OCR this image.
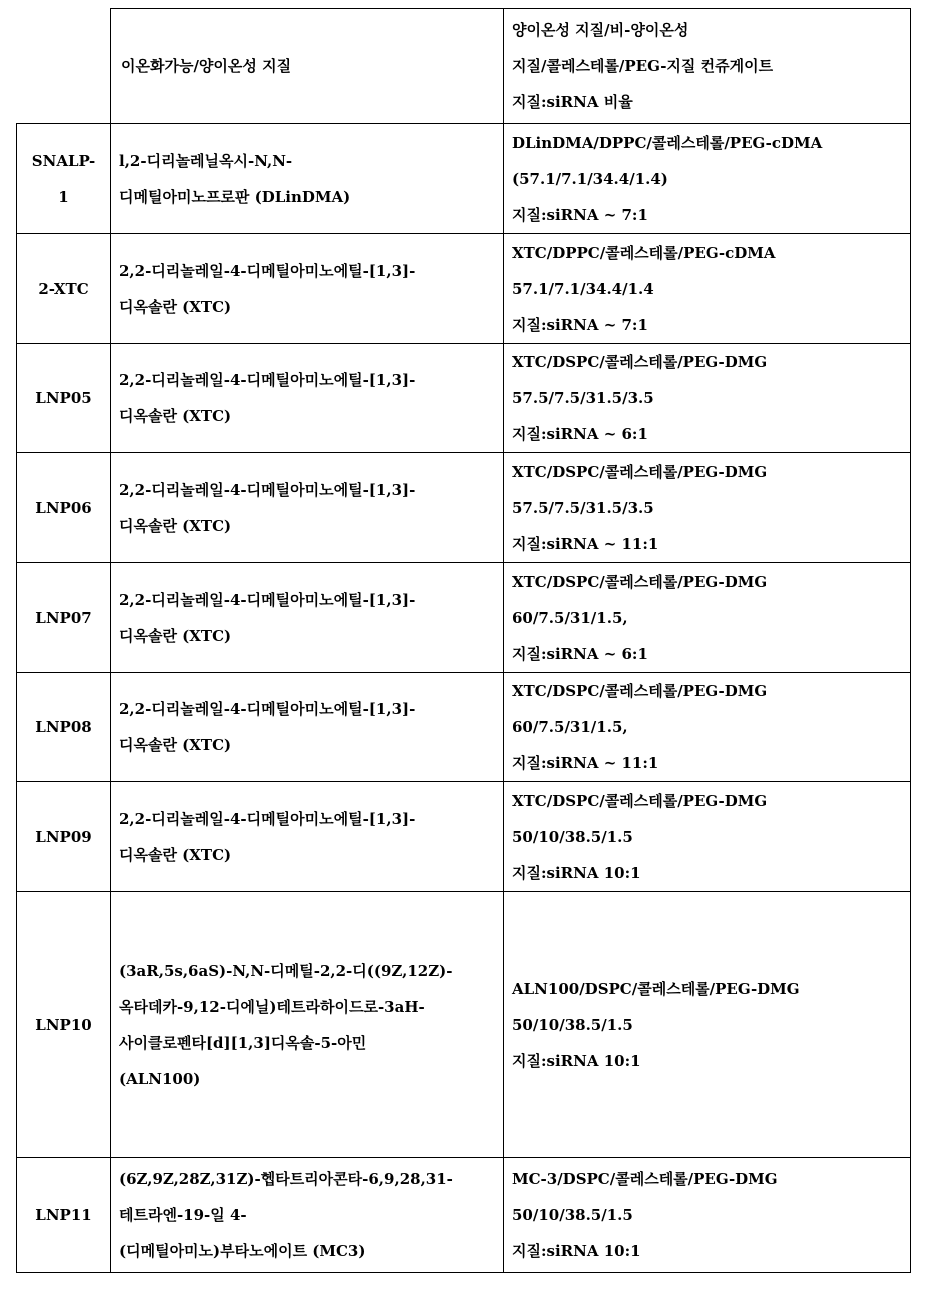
이온화가능/양이온성 지질
양이온성 지질/비-양이온성
지질/콜레스테롤/PEG-지질 컨쥬게이트
지질:siRNA 비율
SNALP-
1
l,2-디리놀레닐옥시-N,N-
디메틸아미노프로판 (DLinDMA)
DLinDMA/DPPC/콜레스테롤/PEG-cDMA
(57.1/7.1/34.4/1.4)
지질:siRNA ~ 7:1
2-XTC
2,2-디리놀레일-4-디메틸아미노에틸-[1,3]-
디옥솔란 (XTC)
XTC/DPPC/콜레스테롤/PEG-cDMA
57.1/7.1/34.4/1.4
지질:siRNA ~ 7:1
LNP05
2,2-디리놀레일-4-디메틸아미노에틸-[1,3]-
디옥솔란 (XTC)
XTC/DSPC/콜레스테롤/PEG-DMG
57.5/7.5/31.5/3.5
지질:siRNA ~ 6:1
LNP06
2,2-디리놀레일-4-디메틸아미노에틸-[1,3]-
디옥솔란 (XTC)
XTC/DSPC/콜레스테롤/PEG-DMG
57.5/7.5/31.5/3.5
지질:siRNA ~ 11:1
LNP07
2,2-디리놀레일-4-디메틸아미노에틸-[1,3]-
디옥솔란 (XTC)
XTC/DSPC/콜레스테롤/PEG-DMG
60/7.5/31/1.5,
지질:siRNA ~ 6:1
LNP08
2,2-디리놀레일-4-디메틸아미노에틸-[1,3]-
디옥솔란 (XTC)
XTC/DSPC/콜레스테롤/PEG-DMG
60/7.5/31/1.5,
지질:siRNA ~ 11:1
LNP09
2,2-디리놀레일-4-디메틸아미노에틸-[1,3]-
디옥솔란 (XTC)
XTC/DSPC/콜레스테롤/PEG-DMG
50/10/38.5/1.5
지질:siRNA 10:1
LNP10
(3aR,5s,6aS)-N,N-디메틸-2,2-디((9Z,12Z)-
옥타데카-9,12-디에닐)테트라하이드로-3aH-
사이클로펜타[d][1,3]디옥솔-5-아민
(ALN100)
ALN100/DSPC/콜레스테롤/PEG-DMG
50/10/38.5/1.5
지질:siRNA 10:1
LNP11
(6Z,9Z,28Z,31Z)-헵타트리아콘타-6,9,28,31-
테트라엔-19-일 4-
(디메틸아미노)부타노에이트 (MC3)
MC-3/DSPC/콜레스테롤/PEG-DMG
50/10/38.5/1.5
지질:siRNA 10:1
